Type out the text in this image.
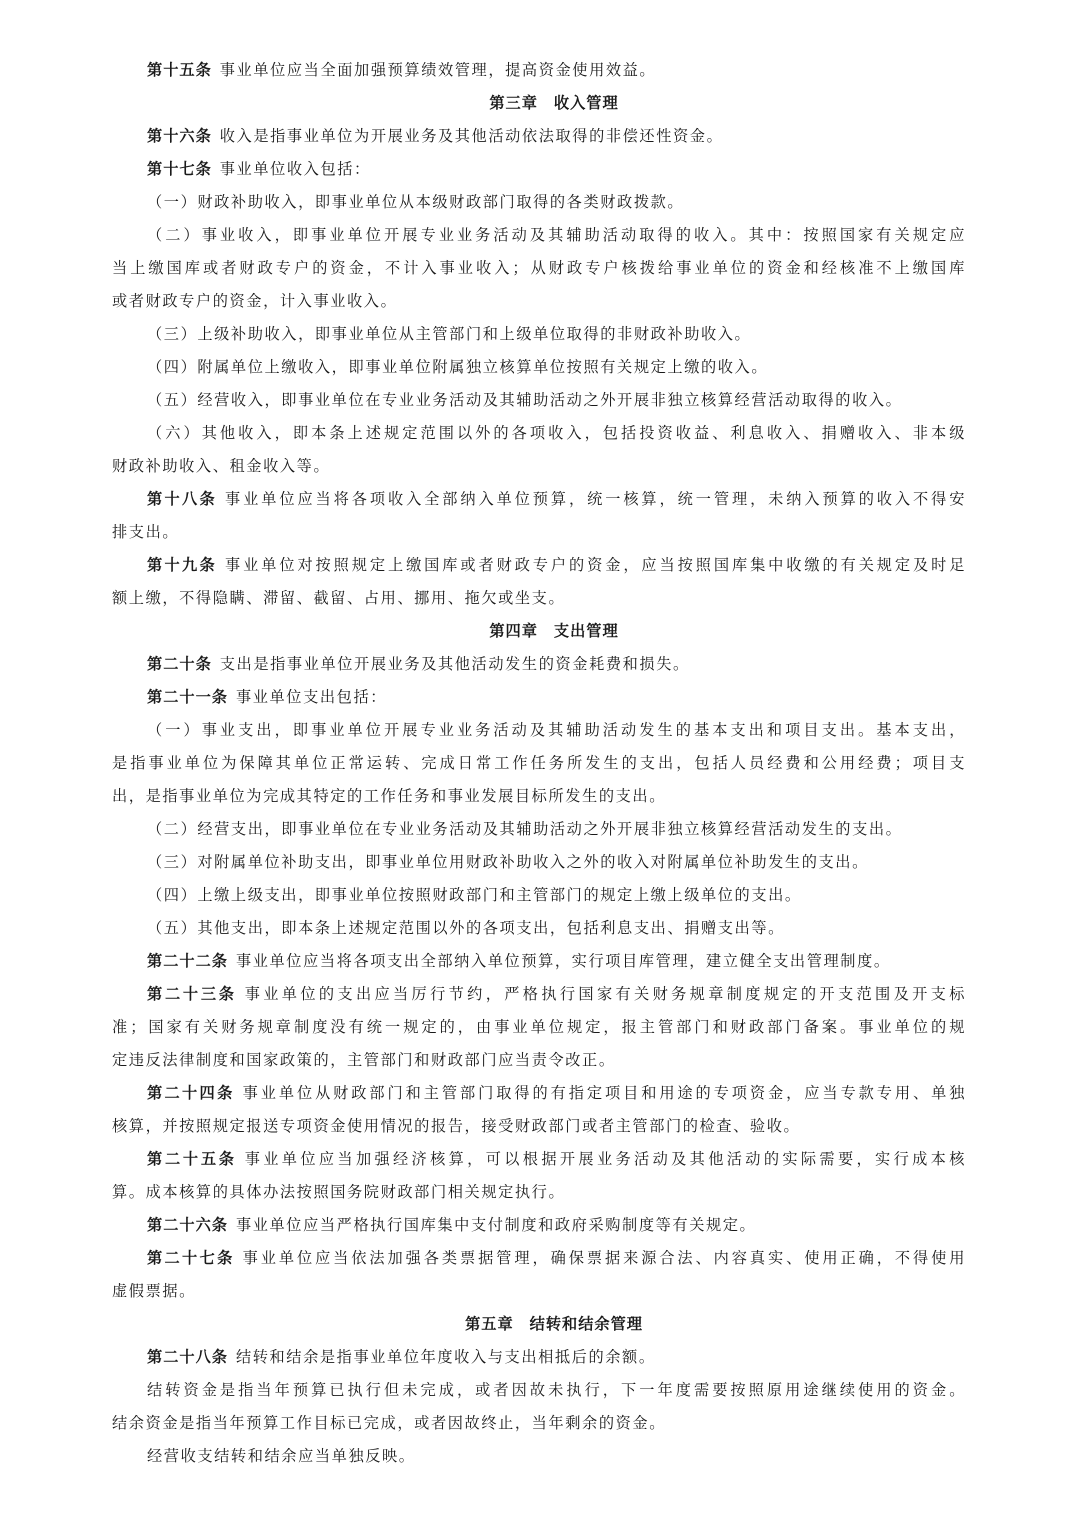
第十五条 事业单位应当全面加强预算绩效管理，提高资金使用效益。
第三章 收入管理
第十六条 收入是指事业单位为开展业务及其他活动依法取得的非偿还性资金。
第十七条 事业单位收入包括：
（一）财政补助收入，即事业单位从本级财政部门取得的各类财政拨款。
（二）事业收入，即事业单位开展专业业务活动及其辅助活动取得的收入。其中：按照国家有关规定应
当上缴国库或者财政专户的资金，不计入事业收入；从财政专户核拨给事业单位的资金和经核准不上缴国库
或者财政专户的资金，计入事业收入。
（三）上级补助收入，即事业单位从主管部门和上级单位取得的非财政补助收入。
（四）附属单位上缴收入，即事业单位附属独立核算单位按照有关规定上缴的收入。
（五）经营收入，即事业单位在专业业务活动及其辅助活动之外开展非独立核算经营活动取得的收入。
（六）其他收入，即本条上述规定范围以外的各项收入，包括投资收益、利息收入、捐赠收入、非本级
财政补助收入、租金收入等。
第十八条 事业单位应当将各项收入全部纳入单位预算，统一核算，统一管理，未纳入预算的收入不得安
排支出。
第十九条 事业单位对按照规定上缴国库或者财政专户的资金，应当按照国库集中收缴的有关规定及时足
额上缴，不得隐瞒、滞留、截留、占用、挪用、拖欠或坐支。
第四章 支出管理
第二十条 支出是指事业单位开展业务及其他活动发生的资金耗费和损失。
第二十一条 事业单位支出包括：
（一）事业支出，即事业单位开展专业业务活动及其辅助活动发生的基本支出和项目支出。基本支出，
是指事业单位为保障其单位正常运转、完成日常工作任务所发生的支出，包括人员经费和公用经费；项目支
出，是指事业单位为完成其特定的工作任务和事业发展目标所发生的支出。
（二）经营支出，即事业单位在专业业务活动及其辅助活动之外开展非独立核算经营活动发生的支出。
（三）对附属单位补助支出，即事业单位用财政补助收入之外的收入对附属单位补助发生的支出。
（四）上缴上级支出，即事业单位按照财政部门和主管部门的规定上缴上级单位的支出。
（五）其他支出，即本条上述规定范围以外的各项支出，包括利息支出、捐赠支出等。
第二十二条 事业单位应当将各项支出全部纳入单位预算，实行项目库管理，建立健全支出管理制度。
第二十三条 事业单位的支出应当厉行节约，严格执行国家有关财务规章制度规定的开支范围及开支标
准；国家有关财务规章制度没有统一规定的，由事业单位规定，报主管部门和财政部门备案。事业单位的规
定违反法律制度和国家政策的，主管部门和财政部门应当责令改正。
第二十四条 事业单位从财政部门和主管部门取得的有指定项目和用途的专项资金，应当专款专用、单独
核算，并按照规定报送专项资金使用情况的报告，接受财政部门或者主管部门的检查、验收。
第二十五条 事业单位应当加强经济核算，可以根据开展业务活动及其他活动的实际需要，实行成本核
算。成本核算的具体办法按照国务院财政部门相关规定执行。
第二十六条 事业单位应当严格执行国库集中支付制度和政府采购制度等有关规定。
第二十七条 事业单位应当依法加强各类票据管理，确保票据来源合法、内容真实、使用正确，不得使用
虚假票据。
第五章 结转和结余管理
第二十八条 结转和结余是指事业单位年度收入与支出相抵后的余额。
结转资金是指当年预算已执行但未完成，或者因故未执行，下一年度需要按照原用途继续使用的资金。
结余资金是指当年预算工作目标已完成，或者因故终止，当年剩余的资金。
经营收支结转和结余应当单独反映。
